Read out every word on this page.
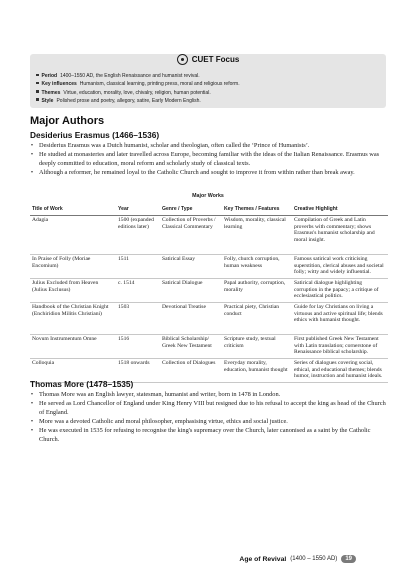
CUET Focus
Period 1400–1550 AD, the English Renaissance and humanist revival.
Key influences Humanism, classical learning, printing press, moral and religious reform.
Themes Virtue, education, morality, love, chivalry, religion, human potential.
Style Polished prose and poetry, allegory, satire, Early Modern English.
Major Authors
Desiderius Erasmus (1466–1536)
• Desiderius Erasmus was a Dutch humanist, scholar and theologian, often called the ‘Prince of Humanists’.
• He studied at monasteries and later travelled across Europe, becoming familiar with the ideas of the Italian Renaissance. Erasmus was deeply committed to education, moral reform and scholarly study of classical texts.
• Although a reformer, he remained loyal to the Catholic Church and sought to improve it from within rather than break away.
Major Works
Title of Work	Year	Genre / Type	Key Themes / Features	Creative Highlight
Adagia	1500 (expanded editions later)	Collection of Proverbs / Classical Commentary	Wisdom, morality, classical learning	Compilation of Greek and Latin proverbs with commentary; shows Erasmus's humanist scholarship and moral insight.
In Praise of Folly (Moriae Encomium)	1511	Satirical Essay	Folly, church corruption, human weakness	Famous satirical work criticising superstition, clerical abuses and societal folly; witty and widely influential.
Julius Excluded from Heaven (Julius Exclusus)	c. 1514	Satirical Dialogue	Papal authority, corruption, morality	Satirical dialogue highlighting corruption in the papacy; a critique of ecclesiastical politics.
Handbook of the Christian Knight (Enchiridion Militis Christiani)	1503	Devotional Treatise	Practical piety, Christian conduct	Guide for lay Christians on living a virtuous and active spiritual life; blends ethics with humanist thought.
Novum Instrumentum Omne	1516	Biblical Scholarship/ Greek New Testament	Scripture study, textual criticism	First published Greek New Testament with Latin translation; cornerstone of Renaissance biblical scholarship.
Colloquia	1518 onwards	Collection of Dialogues	Everyday morality, education, humanist thought	Series of dialogues covering social, ethical, and educational themes; blends humor, instruction and humanist ideals.
Thomas More (1478–1535)
• Thomas More was an English lawyer, statesman, humanist and writer, born in 1478 in London.
• He served as Lord Chancellor of England under King Henry VIII but resigned due to his refusal to accept the king as head of the Church of England.
• More was a devoted Catholic and moral philosopher, emphasising virtue, ethics and social justice.
• He was executed in 1535 for refusing to recognise the king's supremacy over the Church, later canonised as a saint by the Catholic Church.
Age of Revival (1400 – 1550 AD)	19
